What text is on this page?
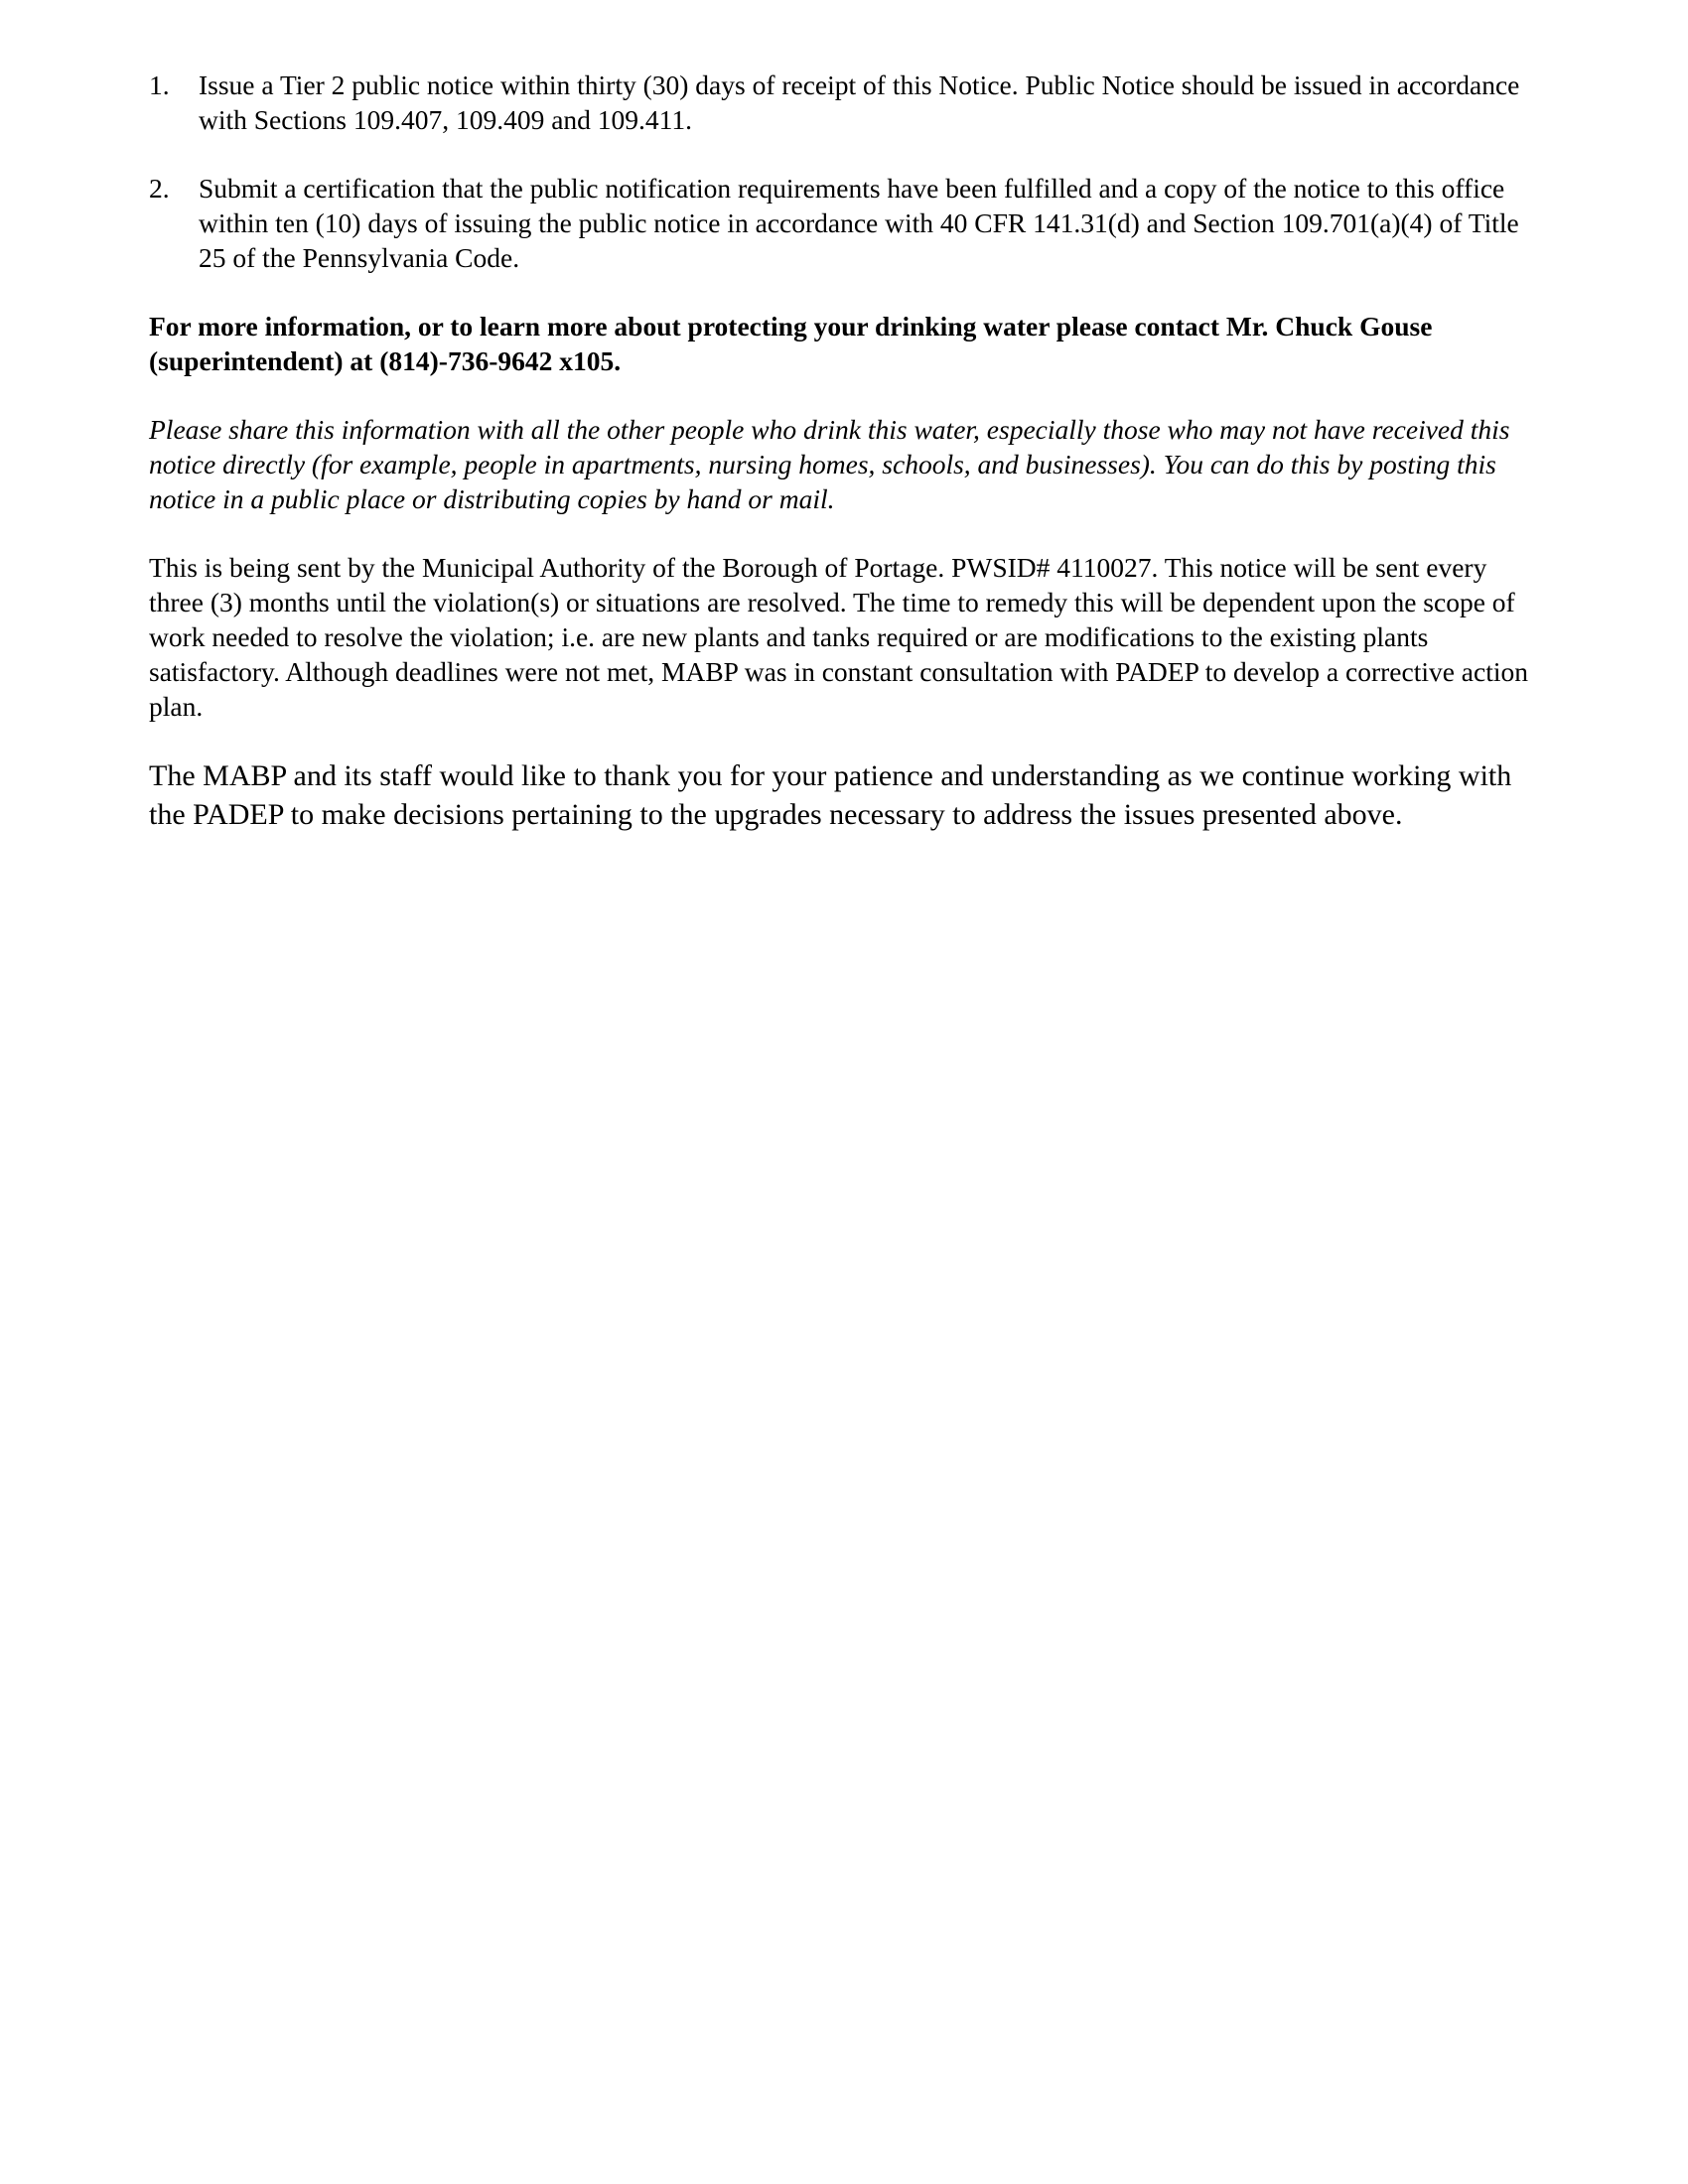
1. Issue a Tier 2 public notice within thirty (30) days of receipt of this Notice. Public Notice should be issued in accordance with Sections 109.407, 109.409 and 109.411.
2. Submit a certification that the public notification requirements have been fulfilled and a copy of the notice to this office within ten (10) days of issuing the public notice in accordance with 40 CFR 141.31(d) and Section 109.701(a)(4) of Title 25 of the Pennsylvania Code.

For more information, or to learn more about protecting your drinking water please contact Mr. Chuck Gouse (superintendent) at (814)-736-9642 x105.

Please share this information with all the other people who drink this water, especially those who may not have received this notice directly (for example, people in apartments, nursing homes, schools, and businesses). You can do this by posting this notice in a public place or distributing copies by hand or mail.

This is being sent by the Municipal Authority of the Borough of Portage. PWSID# 4110027. This notice will be sent every three (3) months until the violation(s) or situations are resolved. The time to remedy this will be dependent upon the scope of work needed to resolve the violation; i.e. are new plants and tanks required or are modifications to the existing plants satisfactory. Although deadlines were not met, MABP was in constant consultation with PADEP to develop a corrective action plan.

The MABP and its staff would like to thank you for your patience and understanding as we continue working with the PADEP to make decisions pertaining to the upgrades necessary to address the issues presented above.
